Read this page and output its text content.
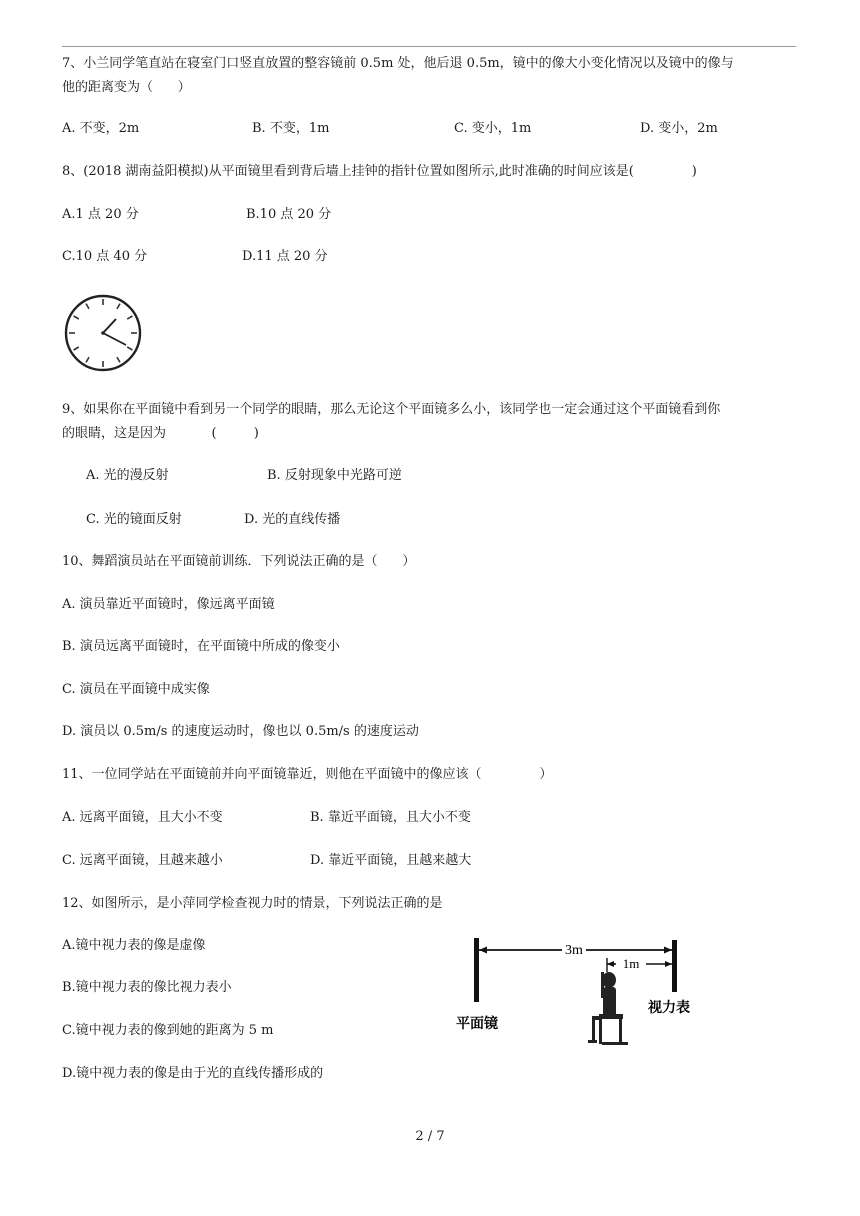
7、小兰同学笔直站在寝室门口竖直放置的整容镜前 0.5m 处，他后退 0.5m，镜中的像大小变化情况以及镜中的像与
他的距离变为（      ）
A. 不变，2m	B. 不变，1m	C. 变小，1m	D. 变小，2m
8、(2018 湖南益阳模拟)从平面镜里看到背后墙上挂钟的指针位置如图所示,此时准确的时间应该是(              )
A.1 点 20 分	B.10 点 20 分
C.10 点 40 分	D.11 点 20 分
9、如果你在平面镜中看到另一个同学的眼睛，那么无论这个平面镜多么小，该同学也一定会通过这个平面镜看到你
的眼睛，这是因为           (         )
A. 光的漫反射	B. 反射现象中光路可逆
C. 光的镜面反射	D. 光的直线传播
10、舞蹈演员站在平面镜前训练．下列说法正确的是（      ）
A. 演员靠近平面镜时，像远离平面镜
B. 演员远离平面镜时，在平面镜中所成的像变小
C. 演员在平面镜中成实像
D. 演员以 0.5m/s 的速度运动时，像也以 0.5m/s 的速度运动
11、一位同学站在平面镜前并向平面镜靠近，则他在平面镜中的像应该（              ）
A. 远离平面镜，且大小不变	B. 靠近平面镜，且大小不变
C. 远离平面镜，且越来越小	D. 靠近平面镜，且越来越大
12、如图所示，是小萍同学检查视力时的情景，下列说法正确的是
A.镜中视力表的像是虚像
B.镜中视力表的像比视力表小
C.镜中视力表的像到她的距离为 5 m
D.镜中视力表的像是由于光的直线传播形成的
3m
1m
平面镜
视力表
2 / 7
